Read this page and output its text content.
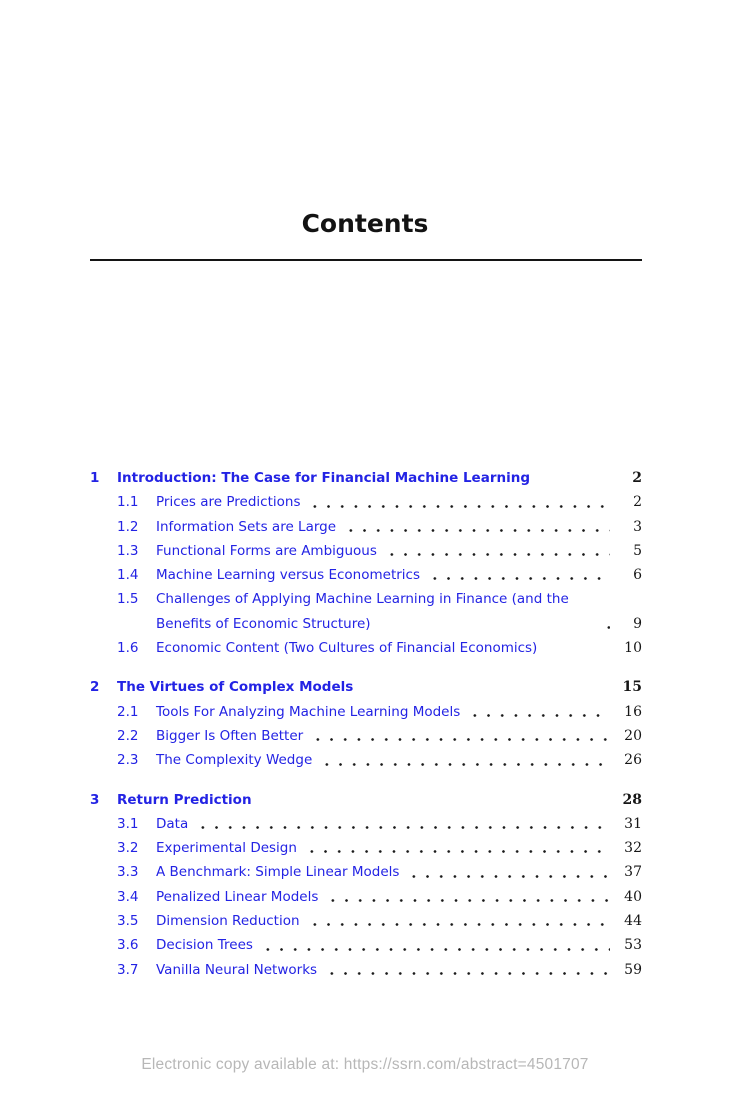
Contents
1	Introduction: The Case for Financial Machine Learning	2
1.1	Prices are Predictions	2
1.2	Information Sets are Large	3
1.3	Functional Forms are Ambiguous	5
1.4	Machine Learning versus Econometrics	6
1.5	Challenges of Applying Machine Learning in Finance (and the Benefits of Economic Structure)	9
1.6	Economic Content (Two Cultures of Financial Economics)	10
2	The Virtues of Complex Models	15
2.1	Tools For Analyzing Machine Learning Models	16
2.2	Bigger Is Often Better	20
2.3	The Complexity Wedge	26
3	Return Prediction	28
3.1	Data	31
3.2	Experimental Design	32
3.3	A Benchmark: Simple Linear Models	37
3.4	Penalized Linear Models	40
3.5	Dimension Reduction	44
3.6	Decision Trees	53
3.7	Vanilla Neural Networks	59
Electronic copy available at: https://ssrn.com/abstract=4501707
